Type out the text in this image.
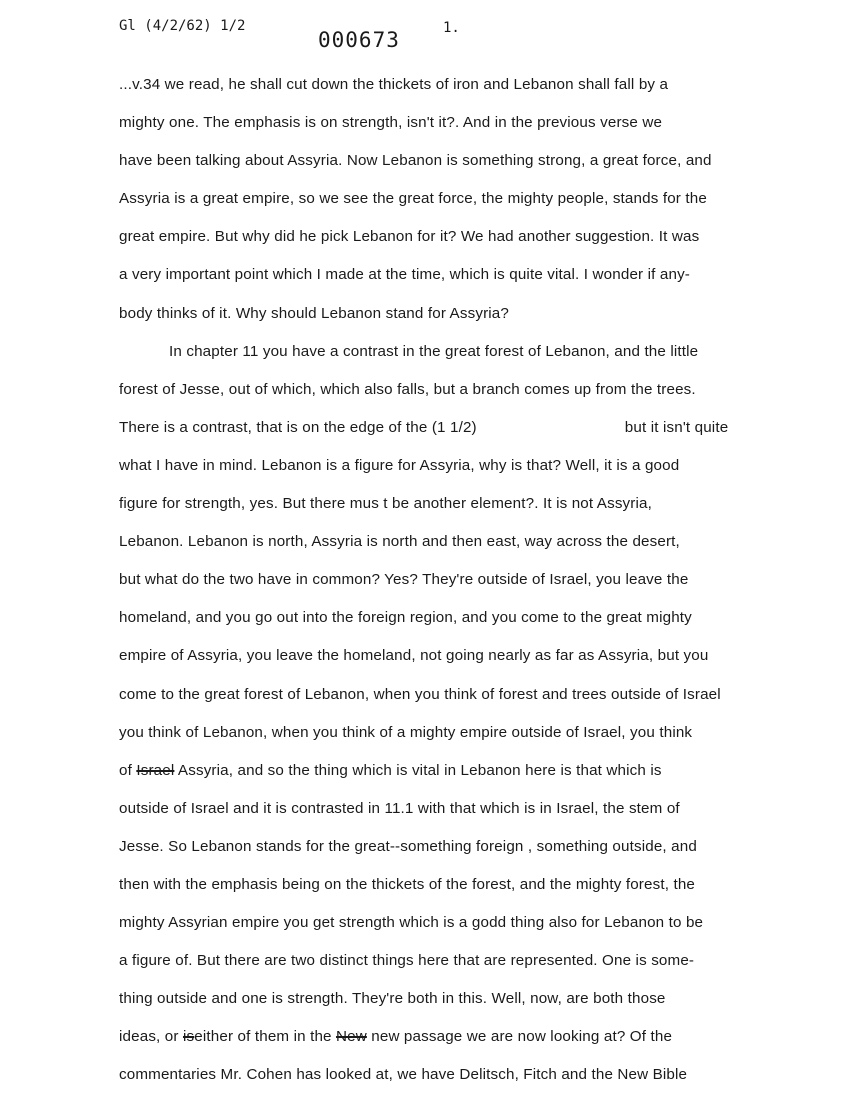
Gl (4/2/62) 1/2
000673	1.
...v.34 we read, he shall cut down the thickets of iron and Lebanon shall fall by a
mighty one. The emphasis is on strength, isn't it?. And in the previous verse we
have been talking about Assyria. Now Lebanon is something strong, a great force, and
Assyria is a great empire, so we see the great force, the mighty people, stands for the
great empire. But why did he pick Lebanon for it? We had another suggestion. It was
a very important point which I made at the time, which is quite vital. I wonder if any-
body thinks of it. Why should Lebanon stand for Assyria?
In chapter 11 you have a contrast in the great forest of Lebanon, and the little
forest of Jesse, out of which, which also falls, but a branch comes up from the trees.
There is a contrast, that is on the edge of the (1 1/2)	but it isn't quite
what I have in mind. Lebanon is a figure for Assyria, why is that? Well, it is a good
figure for strength, yes. But there mus t be another element?. It is not Assyria,
Lebanon. Lebanon is north, Assyria is north and then east, way across the desert,
but what do the two have in common? Yes? They're outside of Israel, you leave the
homeland, and you go out into the foreign region, and you come to the great mighty
empire of Assyria, you leave the homeland, not going nearly as far as Assyria, but you
come to the great forest of Lebanon, when you think of forest and trees outside of Israel
you think of Lebanon, when you think of a mighty empire outside of Israel, you think
of Israel Assyria, and so the thing which is vital in Lebanon here is that which is
outside of Israel and it is contrasted in 11.1 with that which is in Israel, the stem of
Jesse. So Lebanon stands for the great--something foreign , something outside, and
then with the emphasis being on the thickets of the forest, and the mighty forest, the
mighty Assyrian empire you get strength which is a godd thing also for Lebanon to be
a figure of. But there are two distinct things here that are represented. One is some-
thing outside and one is strength. They're both in this. Well, now, are both those
ideas, or iseither of them in the New new passage we are now looking at? Of the
commentaries Mr. Cohen has looked at, we have Delitsch, Fitch and the New Bible
